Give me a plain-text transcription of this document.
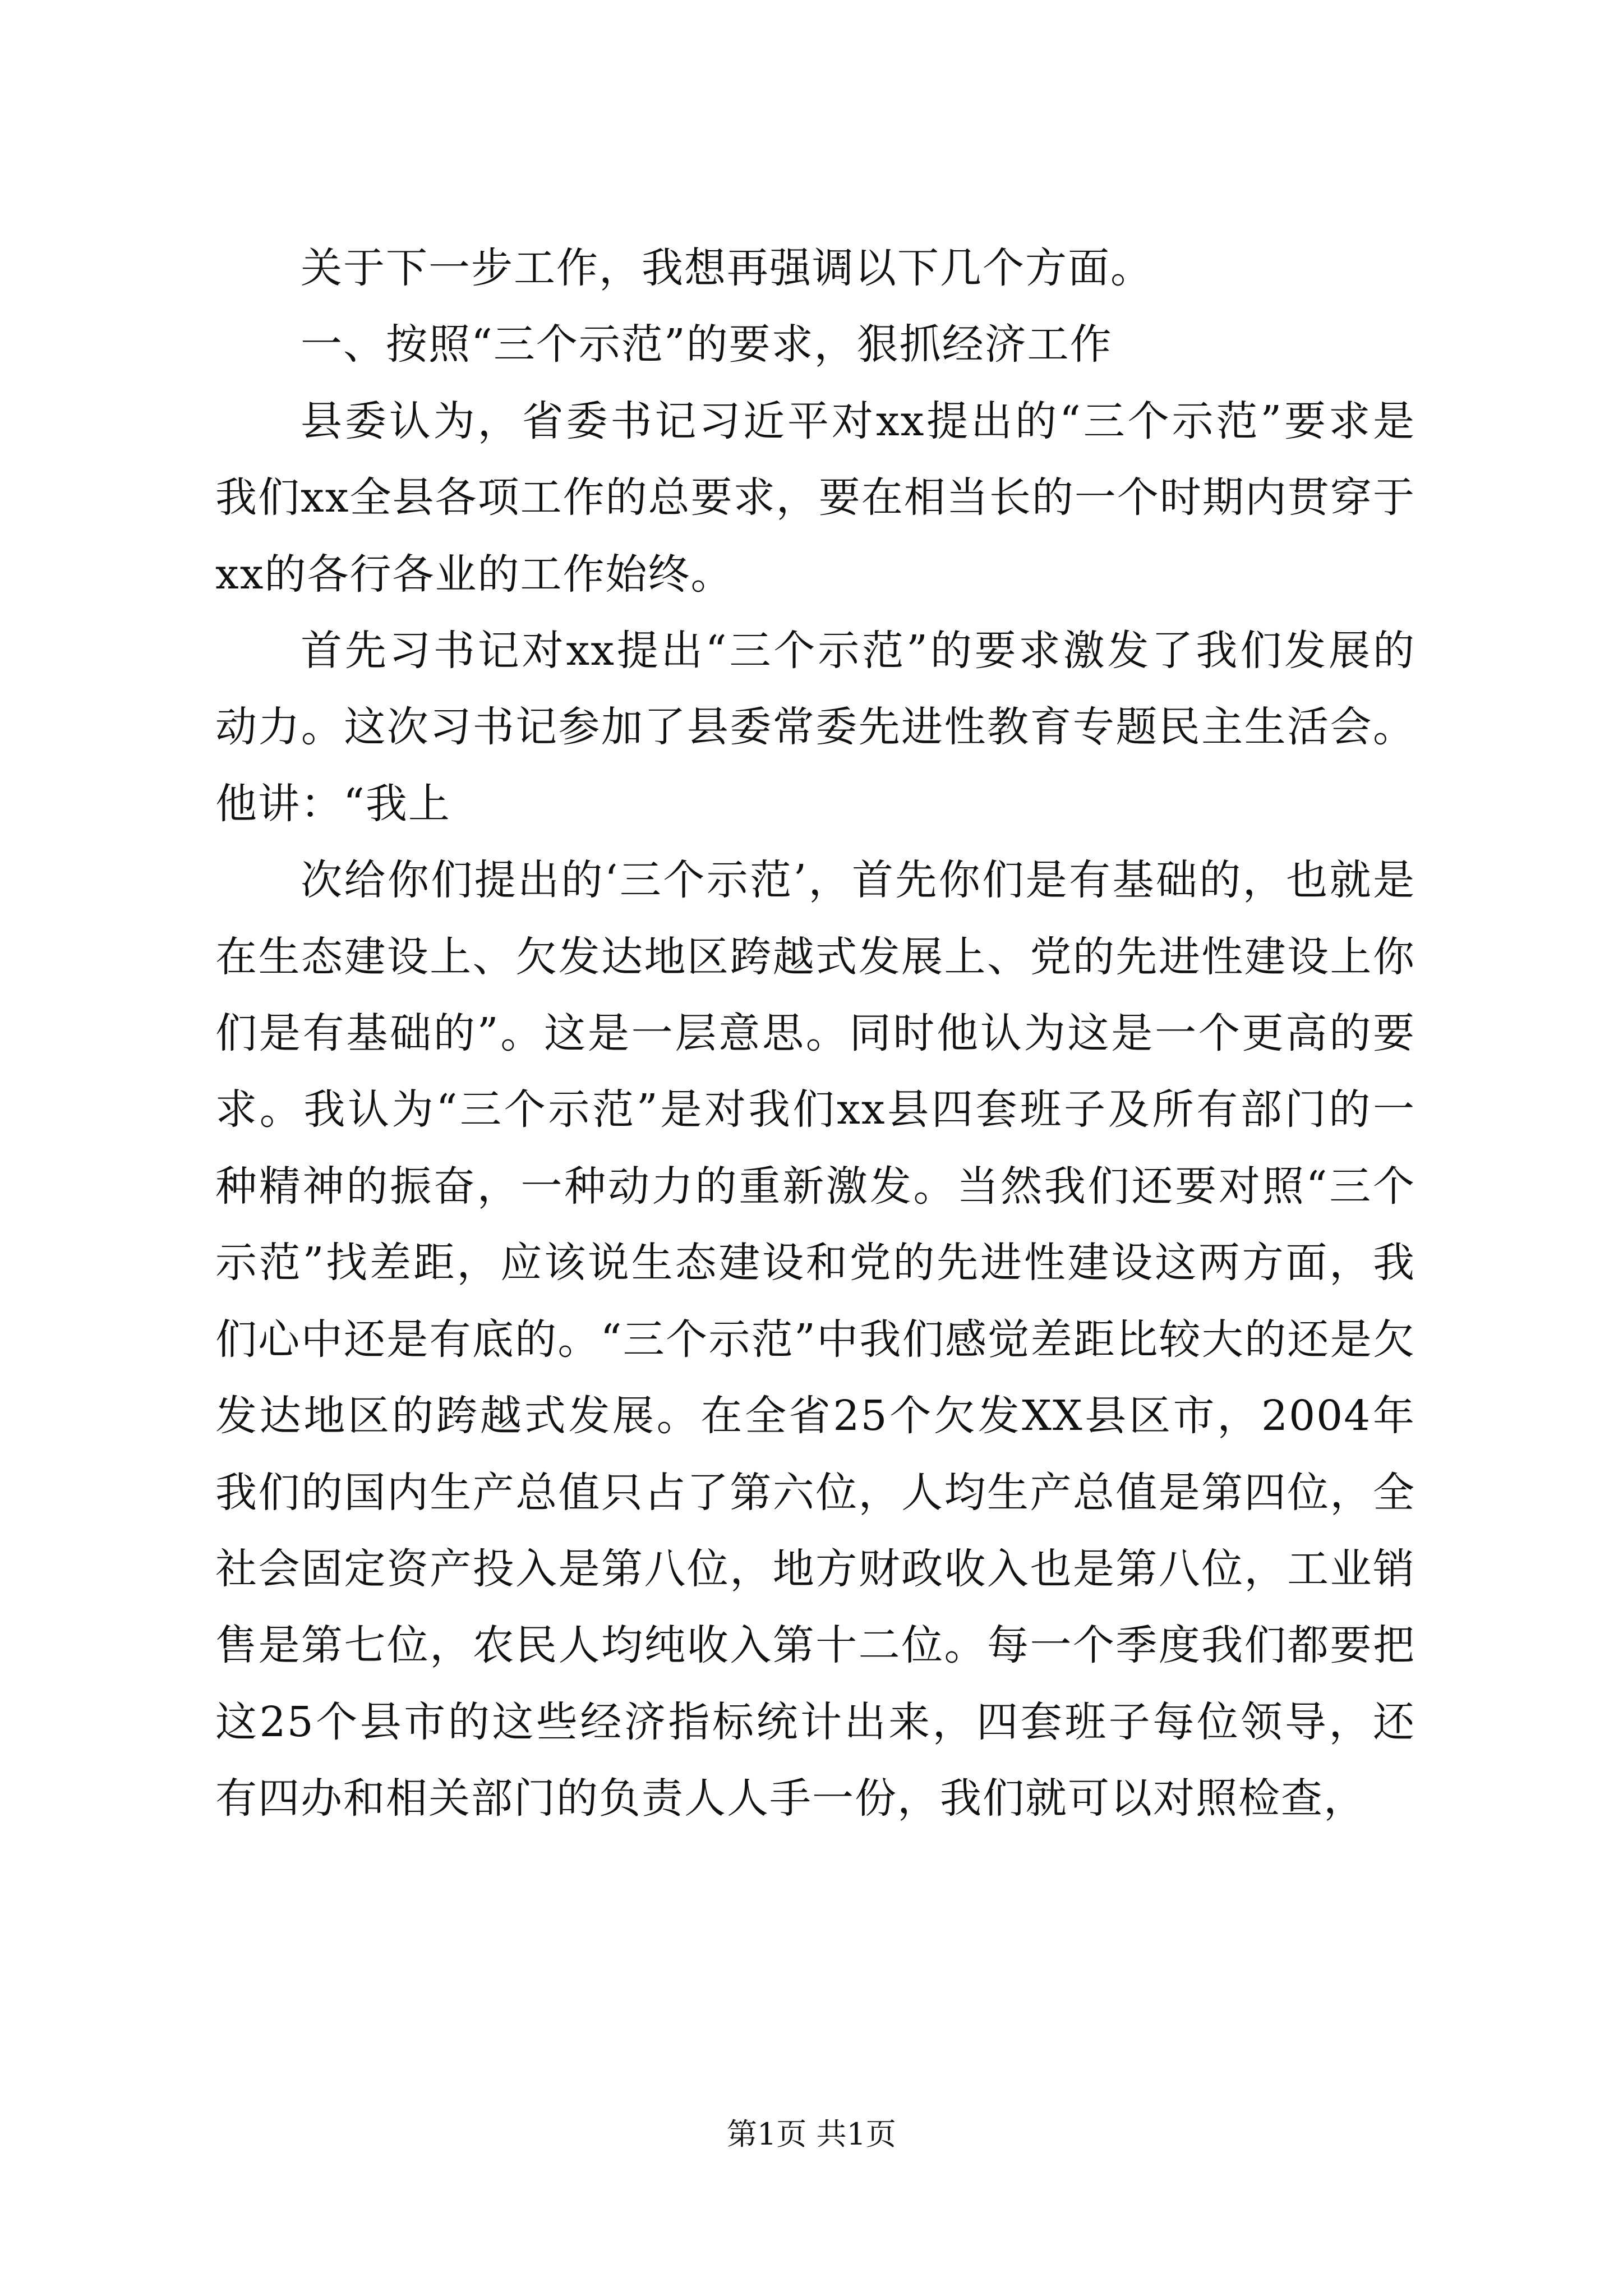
关于下一步工作，我想再强调以下几个方面。

一、按照“三个示范”的要求，狠抓经济工作

县委认为，省委书记习近平对xx提出的“三个示范”要求是我们xx全县各项工作的总要求，要在相当长的一个时期内贯穿于xx的各行各业的工作始终。

首先习书记对xx提出“三个示范”的要求激发了我们发展的动力。这次习书记参加了县委常委先进性教育专题民主生活会。他讲：“我上

次给你们提出的‘三个示范’，首先你们是有基础的，也就是在生态建设上、欠发达地区跨越式发展上、党的先进性建设上你们是有基础的”。这是一层意思。同时他认为这是一个更高的要求。我认为“三个示范”是对我们xx县四套班子及所有部门的一种精神的振奋，一种动力的重新激发。当然我们还要对照“三个示范”找差距，应该说生态建设和党的先进性建设这两方面，我们心中还是有底的。“三个示范”中我们感觉差距比较大的还是欠发达地区的跨越式发展。在全省25个欠发XX县区市，2004年我们的国内生产总值只占了第六位，人均生产总值是第四位，全社会固定资产投入是第八位，地方财政收入也是第八位，工业销售是第七位，农民人均纯收入第十二位。每一个季度我们都要把这25个县市的这些经济指标统计出来，四套班子每位领导，还有四办和相关部门的负责人人手一份，我们就可以对照检查，

第1页 共1页
